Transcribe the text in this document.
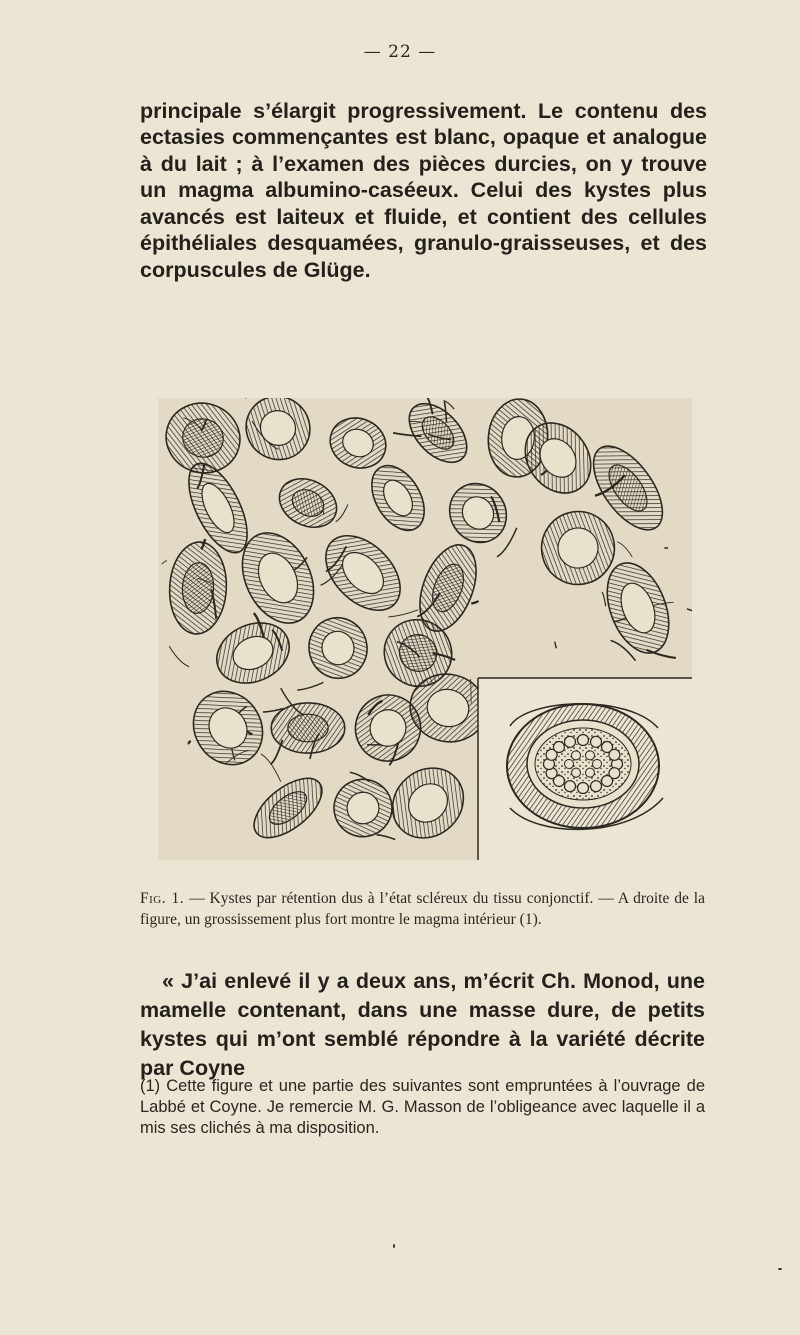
— 22 —

principale s’élargit progressivement. Le contenu des ectasies commençantes est blanc, opaque et analogue à du lait ; à l’examen des pièces durcies, on y trouve un magma albumino-caséeux. Celui des kystes plus avancés est laiteux et fluide, et contient des cellules épithéliales desquamées, granulo-graisseuses, et des corpuscules de Glüge.

Fig. 1. — Kystes par rétention dus à l’état scléreux du tissu conjonctif. — A droite de la figure, un grossissement plus fort montre le magma intérieur (1).

« J’ai enlevé il y a deux ans, m’écrit Ch. Monod, une mamelle contenant, dans une masse dure, de petits kystes qui m’ont semblé répondre à la variété décrite par Coyne

(1) Cette figure et une partie des suivantes sont empruntées à l’ouvrage de Labbé et Coyne. Je remercie M. G. Masson de l’obligeance avec laquelle il a mis ses clichés à ma disposition.
